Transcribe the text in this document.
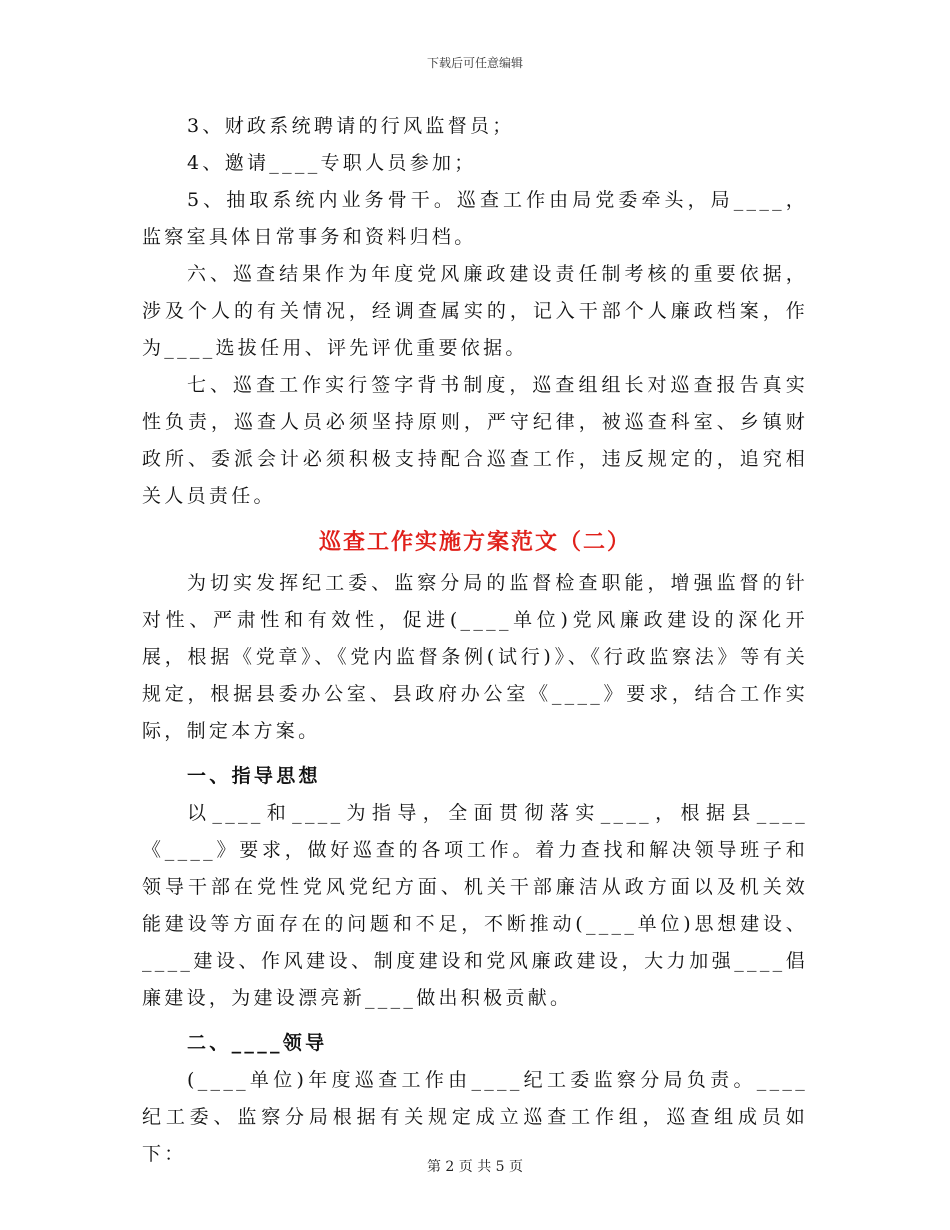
下载后可任意编辑

3、财政系统聘请的行风监督员；

4、邀请____专职人员参加；

5、抽取系统内业务骨干。巡查工作由局党委牵头，局____，监察室具体日常事务和资料归档。

六、巡查结果作为年度党风廉政建设责任制考核的重要依据，涉及个人的有关情况，经调查属实的，记入干部个人廉政档案，作为____选拔任用、评先评优重要依据。

七、巡查工作实行签字背书制度，巡查组组长对巡查报告真实性负责，巡查人员必须坚持原则，严守纪律，被巡查科室、乡镇财政所、委派会计必须积极支持配合巡查工作，违反规定的，追究相关人员责任。

巡查工作实施方案范文（二）

为切实发挥纪工委、监察分局的监督检查职能，增强监督的针对性、严肃性和有效性，促进(____单位)党风廉政建设的深化开展，根据《党章》、《党内监督条例(试行)》、《行政监察法》等有关规定，根据县委办公室、县政府办公室《____》要求，结合工作实际，制定本方案。

一、指导思想

以____和____为指导，全面贯彻落实____，根据县____《____》要求，做好巡查的各项工作。着力查找和解决领导班子和领导干部在党性党风党纪方面、机关干部廉洁从政方面以及机关效能建设等方面存在的问题和不足，不断推动(____单位)思想建设、____建设、作风建设、制度建设和党风廉政建设，大力加强____倡廉建设，为建设漂亮新____做出积极贡献。

二、____领导

(____单位)年度巡查工作由____纪工委监察分局负责。____纪工委、监察分局根据有关规定成立巡查工作组，巡查组成员如下：

第 2 页 共 5 页
